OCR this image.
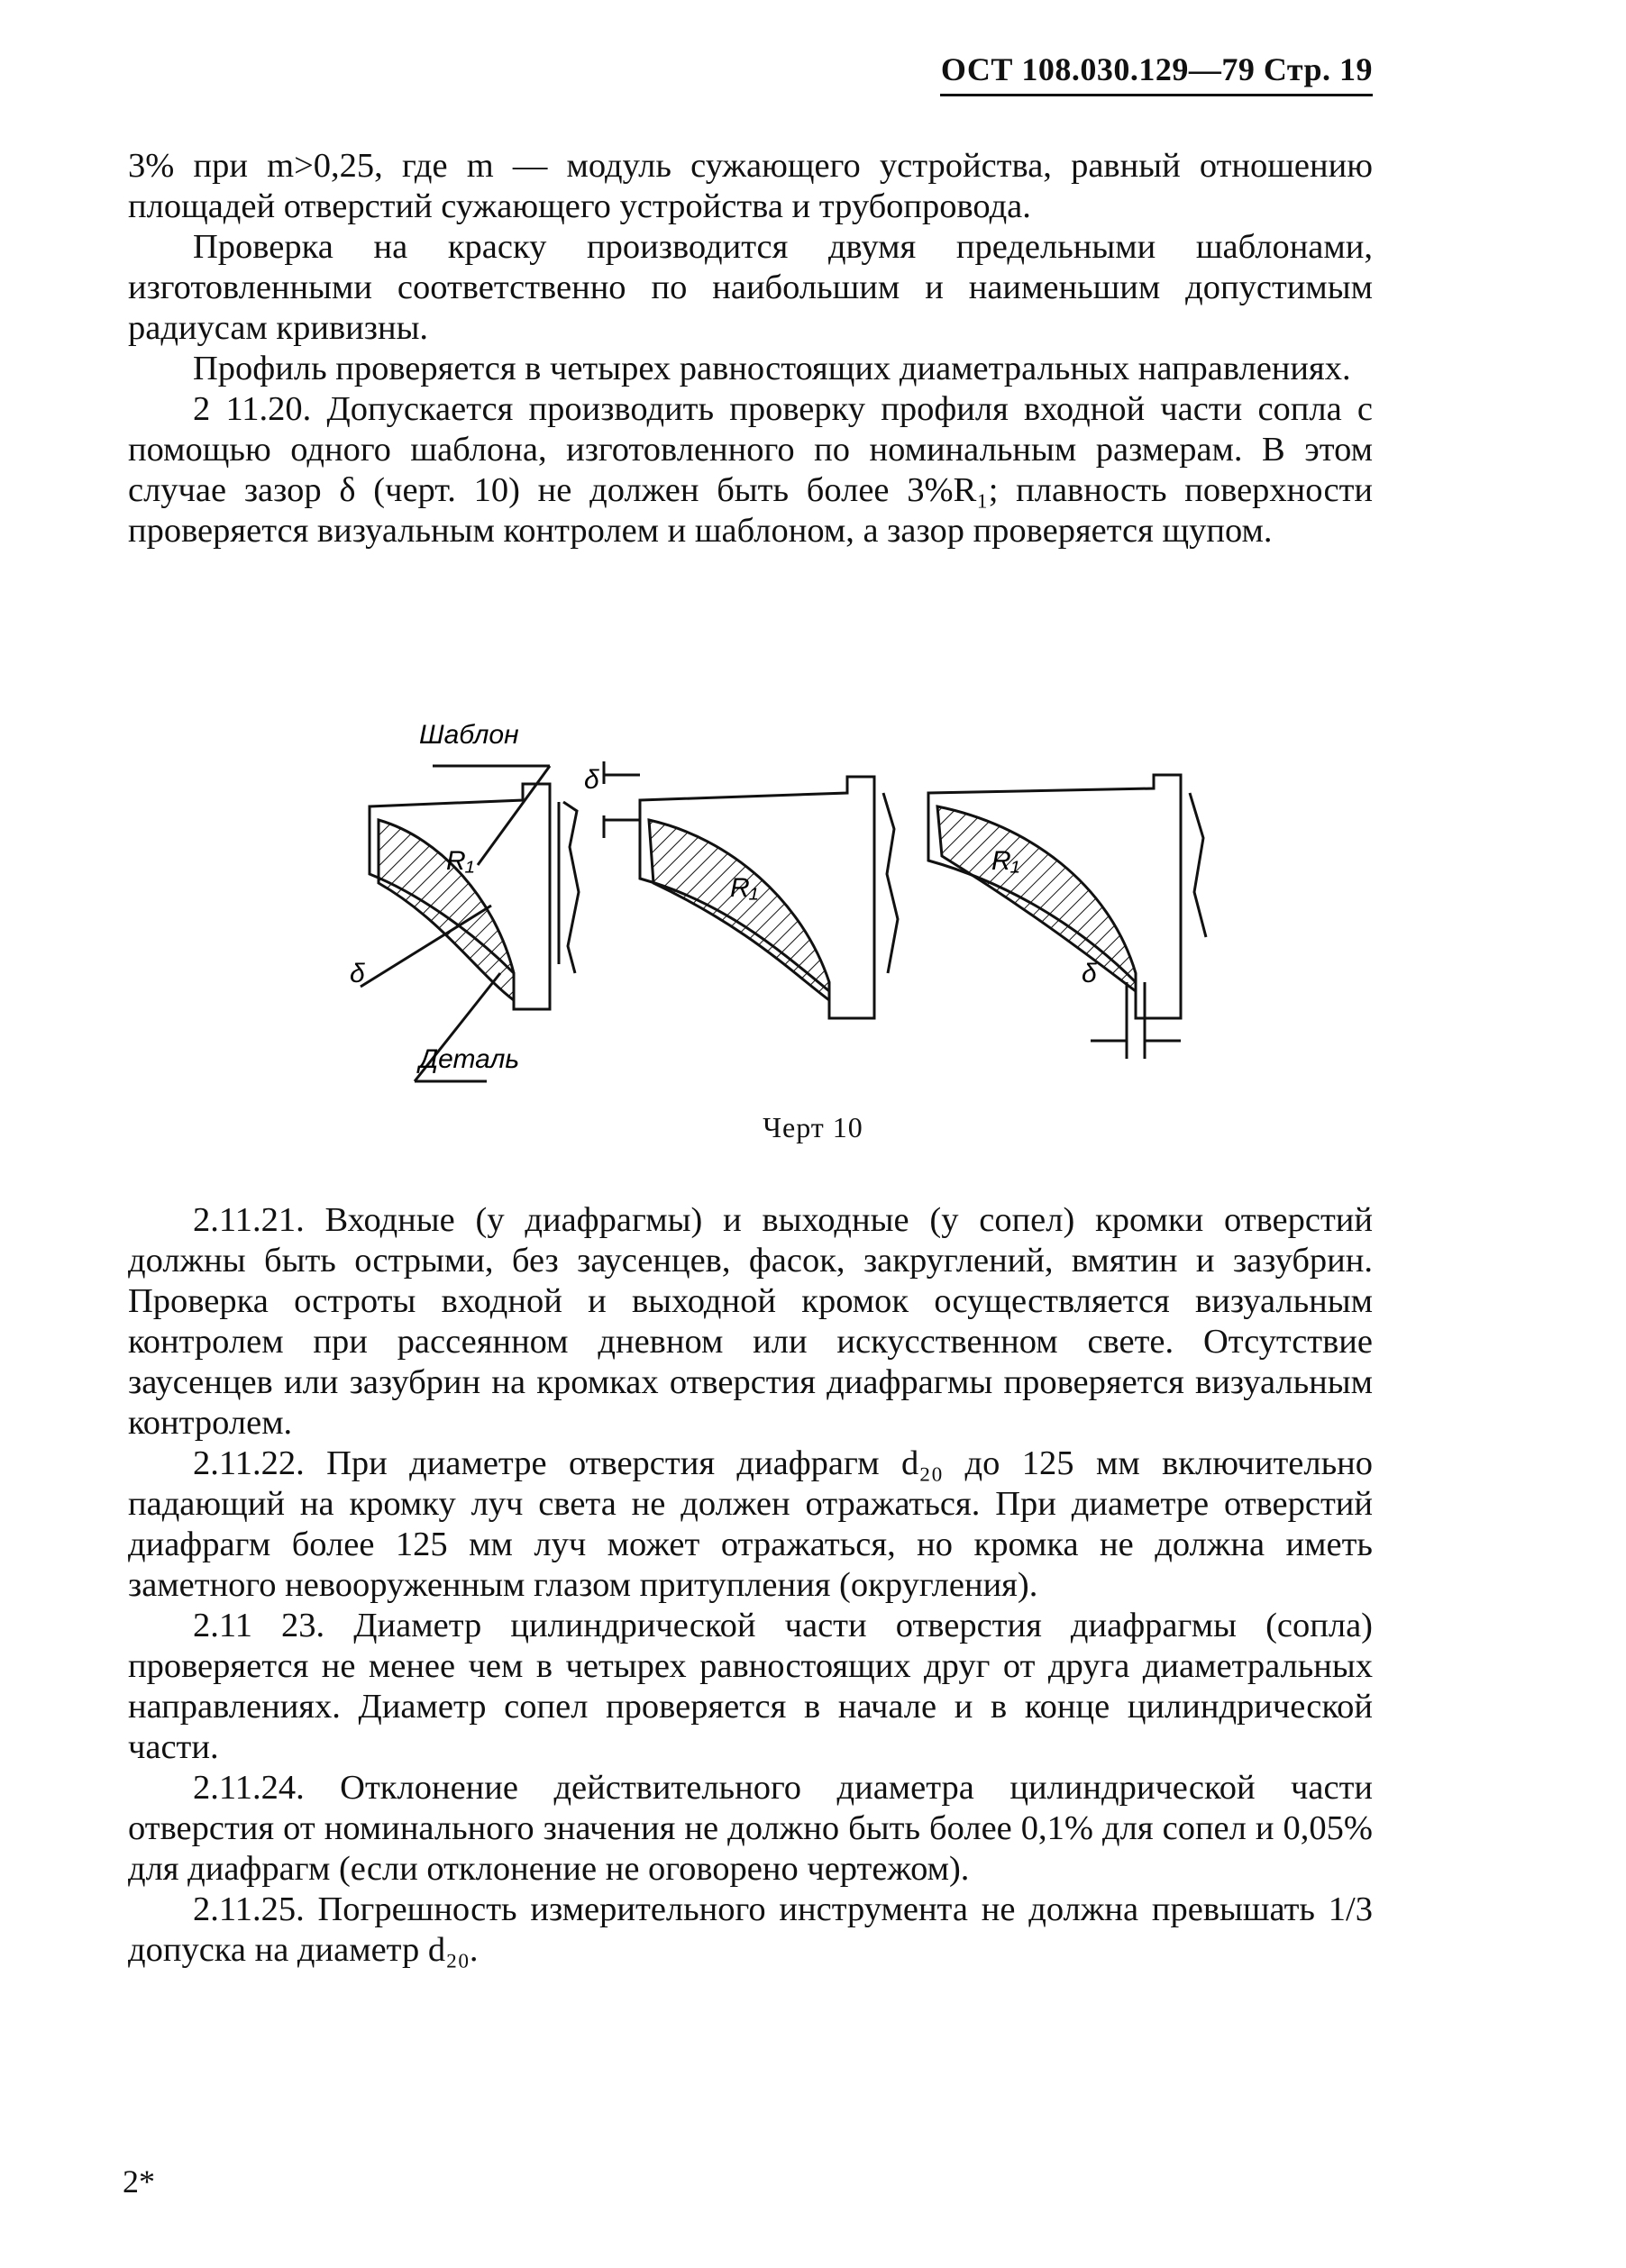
ОСТ 108.030.129—79 Стр. 19

3% при m>0,25, где m — модуль сужающего устройства, равный отношению площадей отверстий сужающего устройства и трубопровода.

Проверка на краску производится двумя предельными шаблонами, изготовленными соответственно по наибольшим и наименьшим допустимым радиусам кривизны.

Профиль проверяется в четырех равностоящих диаметральных направлениях.

2 11.20. Допускается производить проверку профиля входной части сопла с помощью одного шаблона, изготовленного по номинальным размерам. В этом случае зазор δ (черт. 10) не должен быть более 3%R₁; плавность поверхности проверяется визуальным контролем и шаблоном, а зазор проверяется щупом.

Шаблон
Деталь
δ
δ
δ
R₁
R₁
R₁
Черт 10

2.11.21. Входные (у диафрагмы) и выходные (у сопел) кромки отверстий должны быть острыми, без заусенцев, фасок, закруглений, вмятин и зазубрин. Проверка остроты входной и выходной кромок осуществляется визуальным контролем при рассеянном дневном или искусственном свете. Отсутствие заусенцев или зазубрин на кромках отверстия диафрагмы проверяется визуальным контролем.

2.11.22. При диаметре отверстия диафрагм d₂₀ до 125 мм включительно падающий на кромку луч света не должен отражаться. При диаметре отверстий диафрагм более 125 мм луч может отражаться, но кромка не должна иметь заметного невооруженным глазом притупления (округления).

2.11 23. Диаметр цилиндрической части отверстия диафрагмы (сопла) проверяется не менее чем в четырех равностоящих друг от друга диаметральных направлениях. Диаметр сопел проверяется в начале и в конце цилиндрической части.

2.11.24. Отклонение действительного диаметра цилиндрической части отверстия от номинального значения не должно быть более 0,1% для сопел и 0,05% для диафрагм (если отклонение не оговорено чертежом).

2.11.25. Погрешность измерительного инструмента не должна превышать 1/3 допуска на диаметр d₂₀.

2*
